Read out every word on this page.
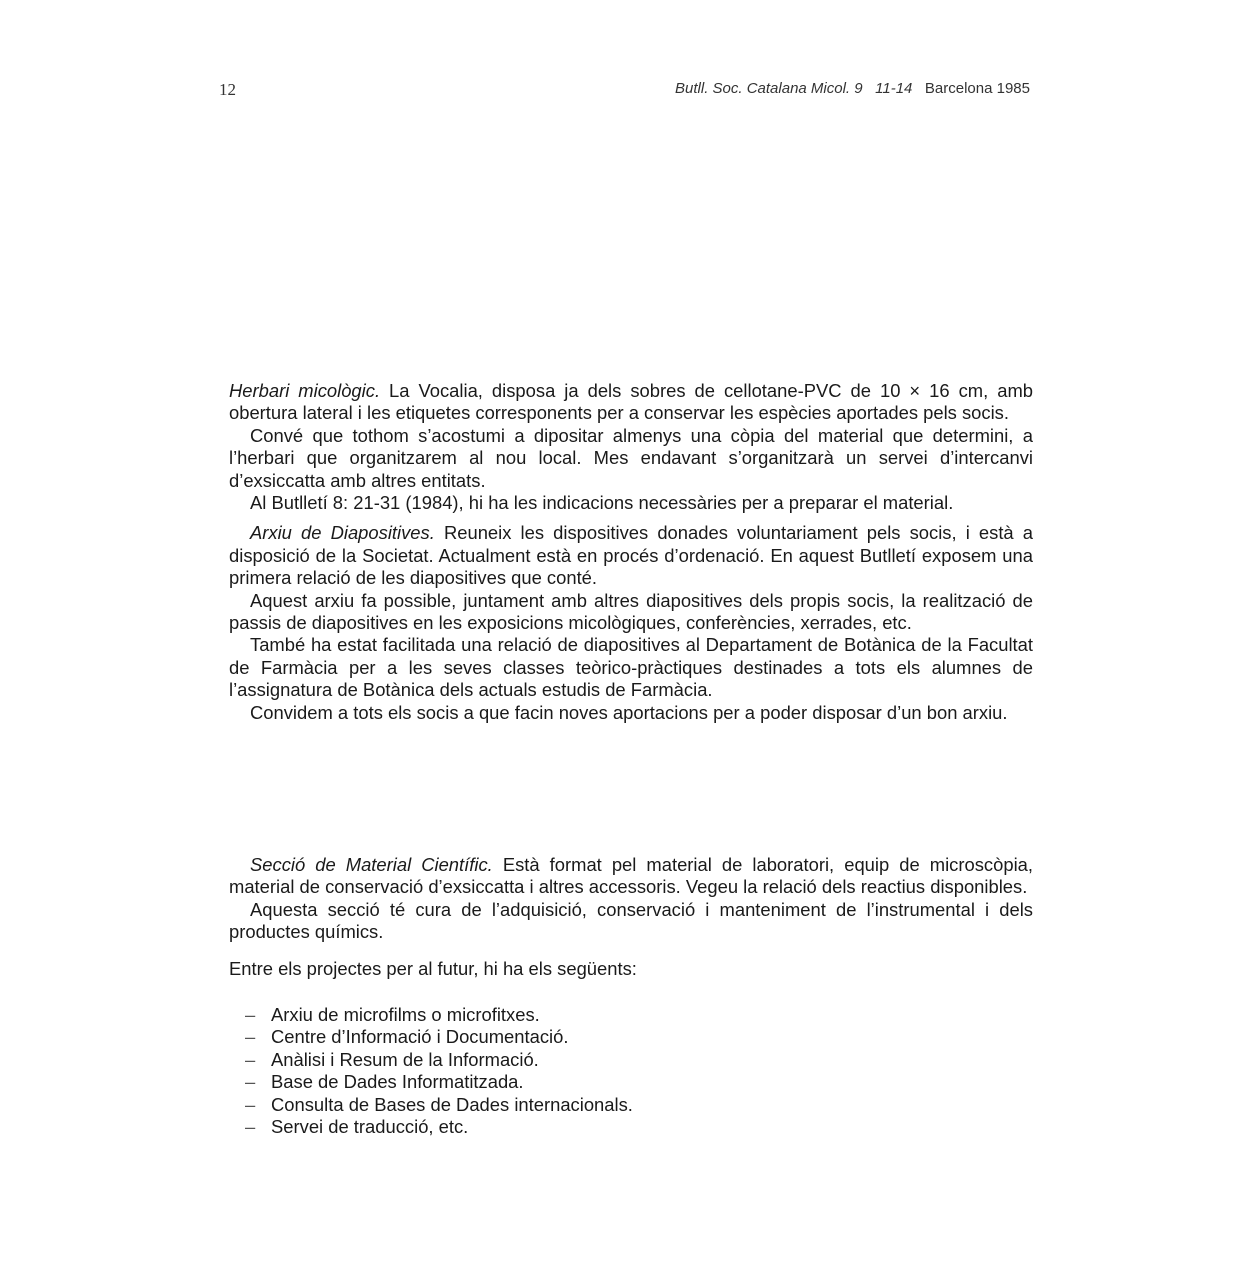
12	Butll. Soc. Catalana Micol. 9 11-14 Barcelona 1985

Herbari micològic. La Vocalia, disposa ja dels sobres de cellotane-PVC de 10 × 16 cm, amb obertura lateral i les etiquetes corresponents per a conservar les espècies aportades pels socis.

Convé que tothom s’acostumi a dipositar almenys una còpia del material que determini, a l’herbari que organitzarem al nou local. Mes endavant s’organitzarà un servei d’intercanvi d’exsiccatta amb altres entitats.

Al Butlletí 8: 21-31 (1984), hi ha les indicacions necessàries per a preparar el material.

Arxiu de Diapositives. Reuneix les dispositives donades voluntariament pels socis, i està a disposició de la Societat. Actualment està en procés d’ordenació. En aquest Butlletí exposem una primera relació de les diapositives que conté.

Aquest arxiu fa possible, juntament amb altres diapositives dels propis socis, la realització de passis de diapositives en les exposicions micològiques, conferències, xerrades, etc.

També ha estat facilitada una relació de diapositives al Departament de Botànica de la Facultat de Farmàcia per a les seves classes teòrico-pràctiques destinades a tots els alumnes de l’assignatura de Botànica dels actuals estudis de Farmàcia.

Convidem a tots els socis a que facin noves aportacions per a poder disposar d’un bon arxiu.

Secció de Material Científic. Està format pel material de laboratori, equip de microscòpia, material de conservació d’exsiccatta i altres accessoris. Vegeu la relació dels reactius disponibles.

Aquesta secció té cura de l’adquisició, conservació i manteniment de l’instrumental i dels productes químics.

Entre els projectes per al futur, hi ha els següents:

– Arxiu de microfilms o microfitxes.
– Centre d’Informació i Documentació.
– Anàlisi i Resum de la Informació.
– Base de Dades Informatitzada.
– Consulta de Bases de Dades internacionals.
– Servei de traducció, etc.
